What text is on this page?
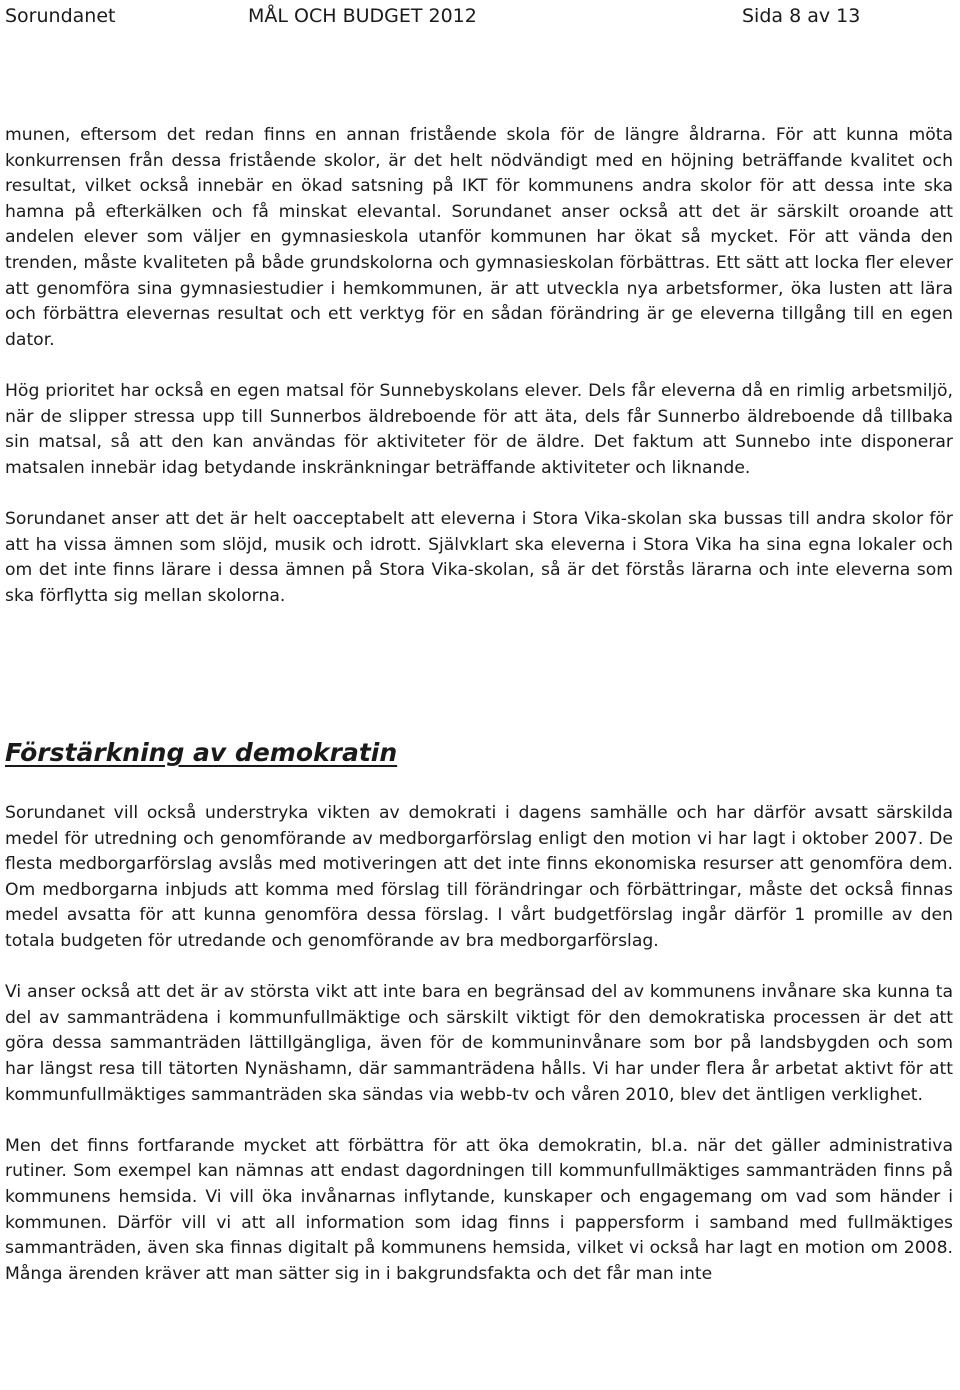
Sorundanet	MÅL OCH BUDGET 2012	Sida 8 av 13

munen, eftersom det redan finns en annan fristående skola för de längre åldrarna. För att kunna möta konkurrensen från dessa fristående skolor, är det helt nödvändigt med en höjning beträffande kvalitet och resultat, vilket också innebär en ökad satsning på IKT för kommunens andra skolor för att dessa inte ska hamna på efterkälken och få minskat elevantal. Sorundanet anser också att det är särskilt oroande att andelen elever som väljer en gymnasieskola utanför kommunen har ökat så mycket. För att vända den trenden, måste kvaliteten på både grundskolorna och gymnasieskolan förbättras. Ett sätt att locka fler elever att genomföra sina gymnasiestudier i hemkommunen, är att utveckla nya arbetsformer, öka lusten att lära och förbättra elevernas resultat och ett verktyg för en sådan förändring är ge eleverna tillgång till en egen dator.

Hög prioritet har också en egen matsal för Sunnebyskolans elever. Dels får eleverna då en rimlig arbetsmiljö, när de slipper stressa upp till Sunnerbos äldreboende för att äta, dels får Sunnerbo äldreboende då tillbaka sin matsal, så att den kan användas för aktiviteter för de äldre. Det faktum att Sunnebo inte disponerar matsalen innebär idag betydande inskränkningar beträffande aktiviteter och liknande.

Sorundanet anser att det är helt oacceptabelt att eleverna i Stora Vika-skolan ska bussas till andra skolor för att ha vissa ämnen som slöjd, musik och idrott. Självklart ska eleverna i Stora Vika ha sina egna lokaler och om det inte finns lärare i dessa ämnen på Stora Vika-skolan, så är det förstås lärarna och inte eleverna som ska förflytta sig mellan skolorna.

Förstärkning av demokratin

Sorundanet vill också understryka vikten av demokrati i dagens samhälle och har därför avsatt särskilda medel för utredning och genomförande av medborgarförslag enligt den motion vi har lagt i oktober 2007. De flesta medborgarförslag avslås med motiveringen att det inte finns ekonomiska resurser att genomföra dem. Om medborgarna inbjuds att komma med förslag till förändringar och förbättringar, måste det också finnas medel avsatta för att kunna genomföra dessa förslag. I vårt budgetförslag ingår därför 1 promille av den totala budgeten för utredande och genomförande av bra medborgarförslag.

Vi anser också att det är av största vikt att inte bara en begränsad del av kommunens invånare ska kunna ta del av sammanträdena i kommunfullmäktige och särskilt viktigt för den demokratiska processen är det att göra dessa sammanträden lättillgängliga, även för de kommuninvånare som bor på landsbygden och som har längst resa till tätorten Nynäshamn, där sammanträdena hålls. Vi har under flera år arbetat aktivt för att kommunfullmäktiges sammanträden ska sändas via webb-tv och våren 2010, blev det äntligen verklighet.

Men det finns fortfarande mycket att förbättra för att öka demokratin, bl.a. när det gäller administrativa rutiner. Som exempel kan nämnas att endast dagordningen till kommunfullmäktiges sammanträden finns på kommunens hemsida. Vi vill öka invånarnas inflytande, kunskaper och engagemang om vad som händer i kommunen. Därför vill vi att all information som idag finns i pappersform i samband med fullmäktiges sammanträden, även ska finnas digitalt på kommunens hemsida, vilket vi också har lagt en motion om 2008. Många ärenden kräver att man sätter sig in i bakgrundsfakta och det får man inte
